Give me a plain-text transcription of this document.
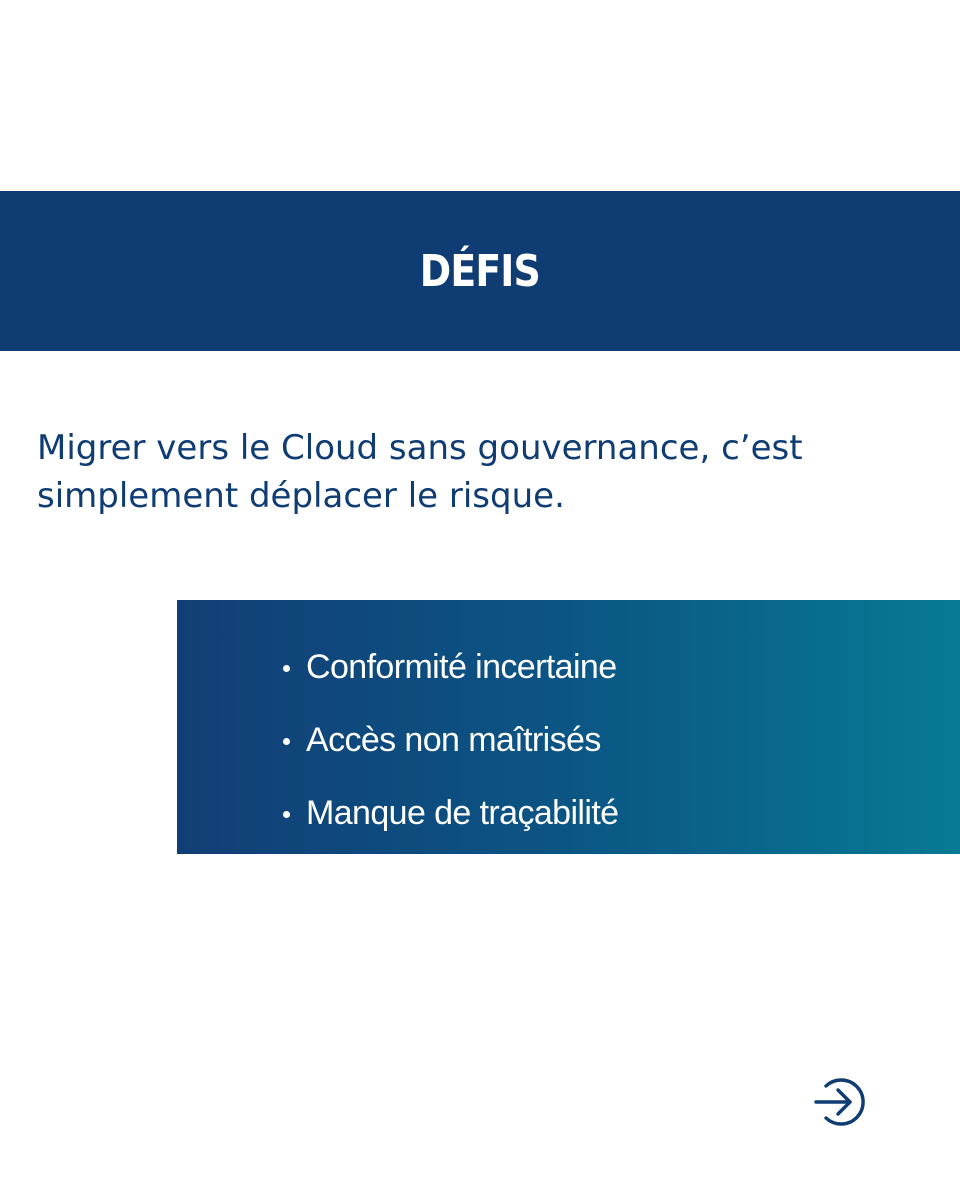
DÉFIS

Migrer vers le Cloud sans gouvernance, c’est simplement déplacer le risque.

Conformité incertaine
Accès non maîtrisés
Manque de traçabilité
